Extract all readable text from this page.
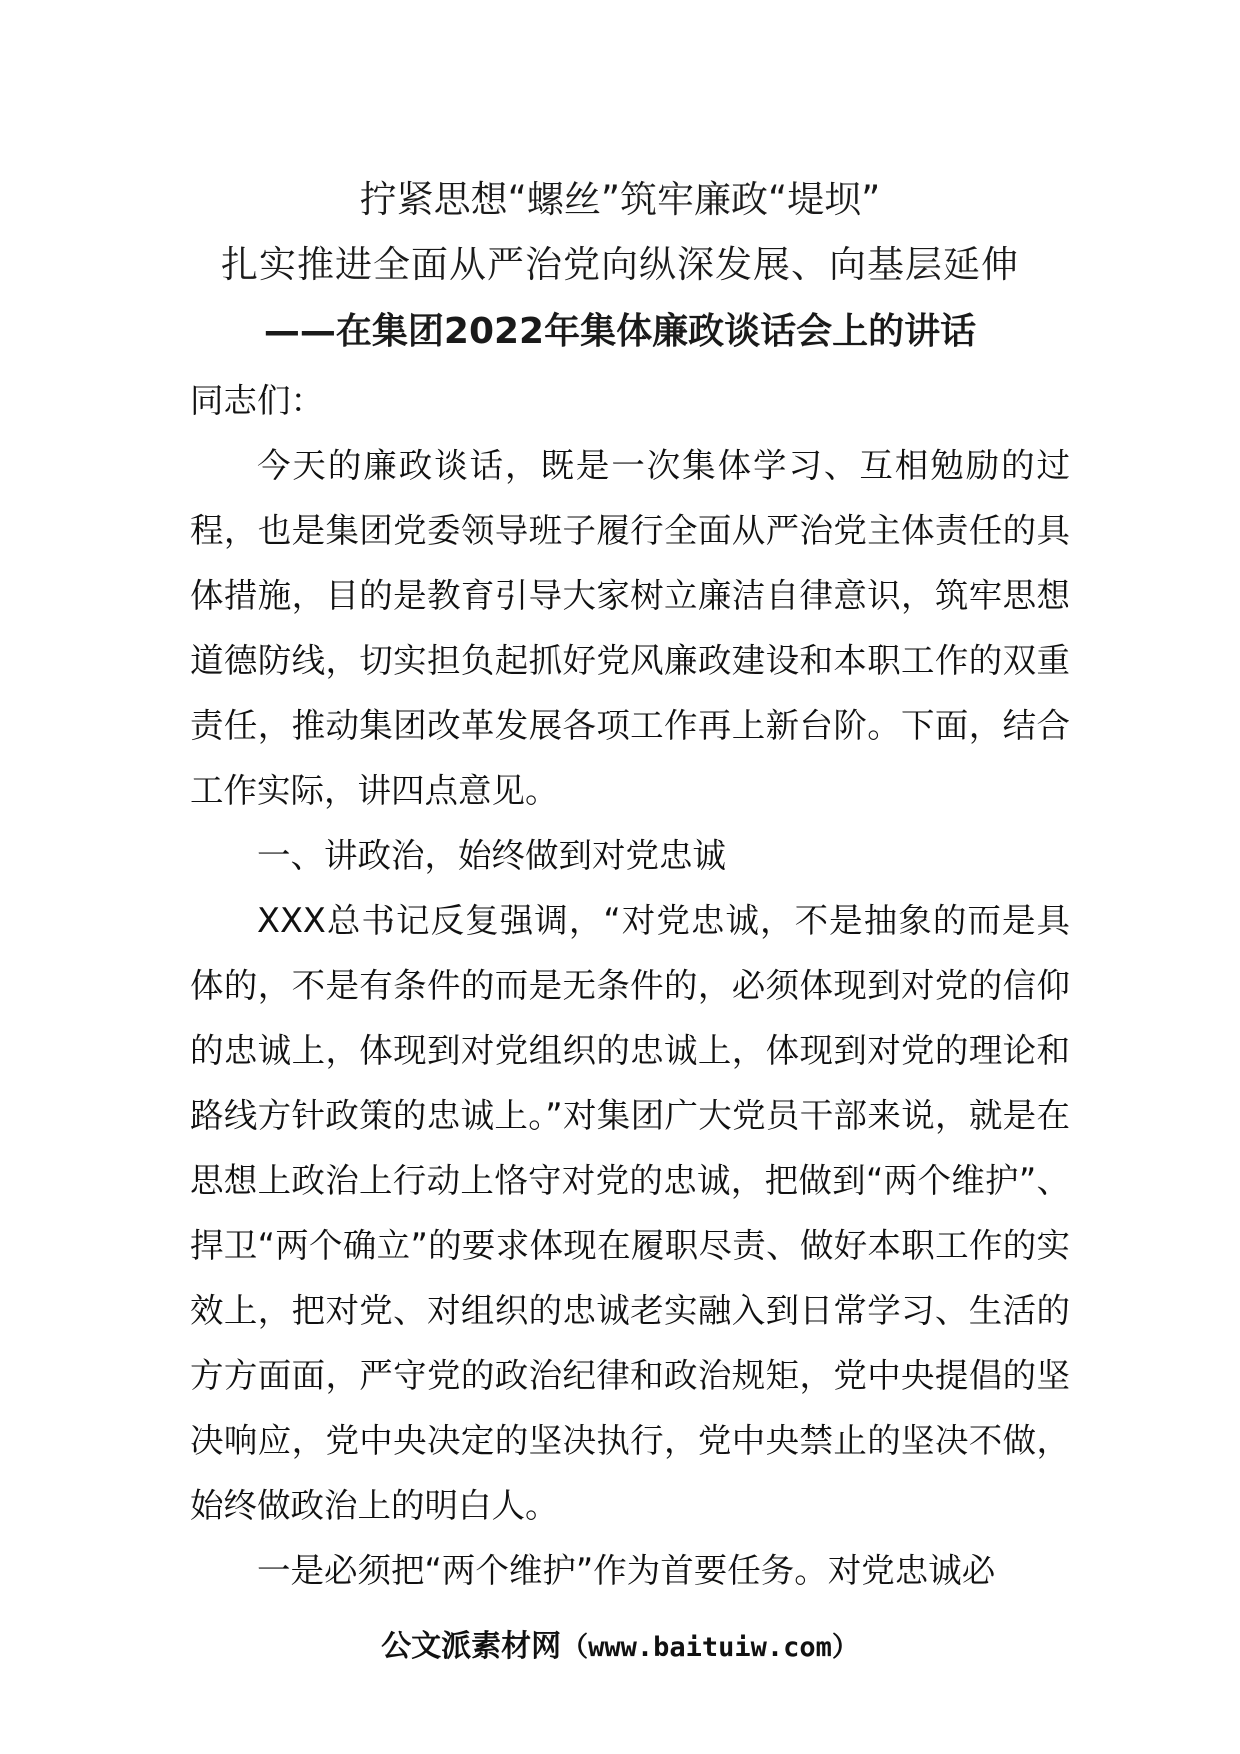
拧紧思想“螺丝”筑牢廉政“堤坝”
扎实推进全面从严治党向纵深发展、向基层延伸
——在集团2022年集体廉政谈话会上的讲话

同志们：

今天的廉政谈话，既是一次集体学习、互相勉励的过程，也是集团党委领导班子履行全面从严治党主体责任的具体措施，目的是教育引导大家树立廉洁自律意识，筑牢思想道德防线，切实担负起抓好党风廉政建设和本职工作的双重责任，推动集团改革发展各项工作再上新台阶。下面，结合工作实际，讲四点意见。

一、讲政治，始终做到对党忠诚

XXX总书记反复强调，“对党忠诚，不是抽象的而是具体的，不是有条件的而是无条件的，必须体现到对党的信仰的忠诚上，体现到对党组织的忠诚上，体现到对党的理论和路线方针政策的忠诚上。”对集团广大党员干部来说，就是在思想上政治上行动上恪守对党的忠诚，把做到“两个维护”、捍卫“两个确立”的要求体现在履职尽责、做好本职工作的实效上，把对党、对组织的忠诚老实融入到日常学习、生活的方方面面，严守党的政治纪律和政治规矩，党中央提倡的坚决响应，党中央决定的坚决执行，党中央禁止的坚决不做，始终做政治上的明白人。

一是必须把“两个维护”作为首要任务。对党忠诚必

公文派素材网（www.baituiw.com）
